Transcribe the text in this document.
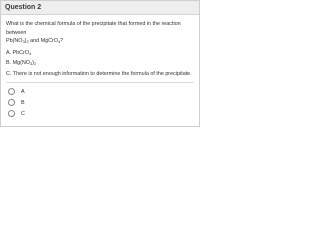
Question 2
What is the chemical formula of the precipitate that formed in the reaction between
$Pb(NO_3)_2$ and MgCrO$_4$?
A. PbCrO$_4$
B. $Mg(NO_3)_2$
C. There is not enough information to determine the formula of the precipitate.
A
B
C
